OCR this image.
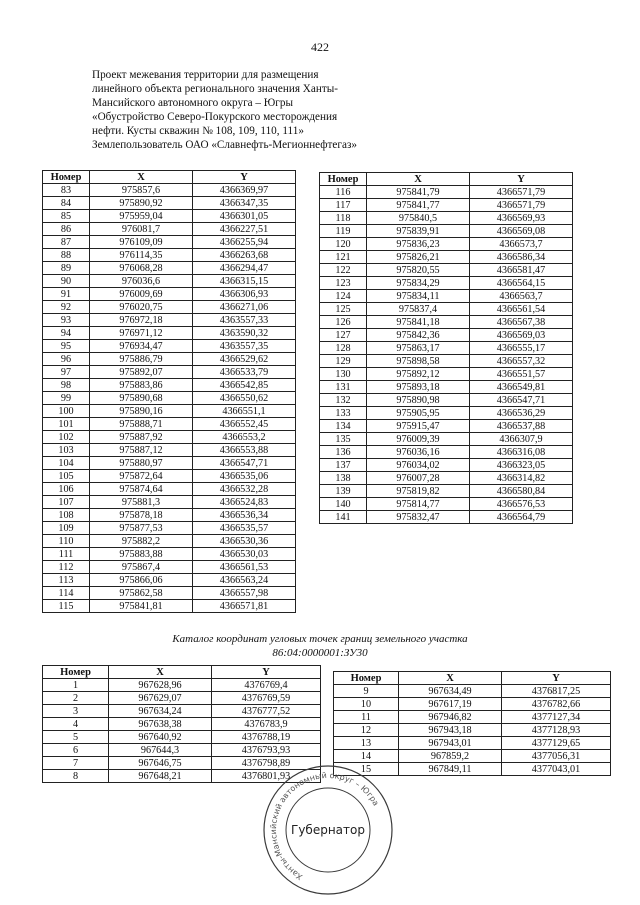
422
Проект межевания территории для размещения
линейного объекта регионального значения Ханты-
Мансийского автономного округа – Югры
«Обустройство Северо-Покурского месторождения
нефти. Кусты скважин № 108, 109, 110, 111»
Землепользователь ОАО «Славнефть-Мегионнефтегаз»
Номер	X	Y
83	975857,6	4366369,97
84	975890,92	4366347,35
85	975959,04	4366301,05
86	976081,7	4366227,51
87	976109,09	4366255,94
88	976114,35	4366263,68
89	976068,28	4366294,47
90	976036,6	4366315,15
91	976009,69	4366306,93
92	976020,75	4366271,06
93	976972,18	4363557,33
94	976971,12	4363590,32
95	976934,47	4363557,35
96	975886,79	4366529,62
97	975892,07	4366533,79
98	975883,86	4366542,85
99	975890,68	4366550,62
100	975890,16	4366551,1
101	975888,71	4366552,45
102	975887,92	4366553,2
103	975887,12	4366553,88
104	975880,97	4366547,71
105	975872,64	4366535,06
106	975874,64	4366532,28
107	975881,3	4366524,83
108	975878,18	4366536,34
109	975877,53	4366535,57
110	975882,2	4366530,36
111	975883,88	4366530,03
112	975867,4	4366561,53
113	975866,06	4366563,24
114	975862,58	4366557,98
115	975841,81	4366571,81
Номер	X	Y
116	975841,79	4366571,79
117	975841,77	4366571,79
118	975840,5	4366569,93
119	975839,91	4366569,08
120	975836,23	4366573,7
121	975826,21	4366586,34
122	975820,55	4366581,47
123	975834,29	4366564,15
124	975834,11	4366563,7
125	975837,4	4366561,54
126	975841,18	4366567,38
127	975842,36	4366569,03
128	975863,17	4366555,17
129	975898,58	4366557,32
130	975892,12	4366551,57
131	975893,18	4366549,81
132	975890,98	4366547,71
133	975905,95	4366536,29
134	975915,47	4366537,88
135	976009,39	4366307,9
136	976036,16	4366316,08
137	976034,02	4366323,05
138	976007,28	4366314,82
139	975819,82	4366580,84
140	975814,77	4366576,53
141	975832,47	4366564,79
Каталог координат угловых точек границ земельного участка
86:04:0000001:ЗУ30
Номер	X	Y
1	967628,96	4376769,4
2	967629,07	4376769,59
3	967634,24	4376777,52
4	967638,38	4376783,9
5	967640,92	4376788,19
6	967644,3	4376793,93
7	967646,75	4376798,89
8	967648,21	4376801,93
Номер	X	Y
9	967634,49	4376817,25
10	967617,19	4376782,66
11	967946,82	4377127,34
12	967943,18	4377128,93
13	967943,01	4377129,65
14	967859,2	4377056,31
15	967849,11	4377043,01
Ханты-Мансийский автономный округ – Югра
Губернатор
